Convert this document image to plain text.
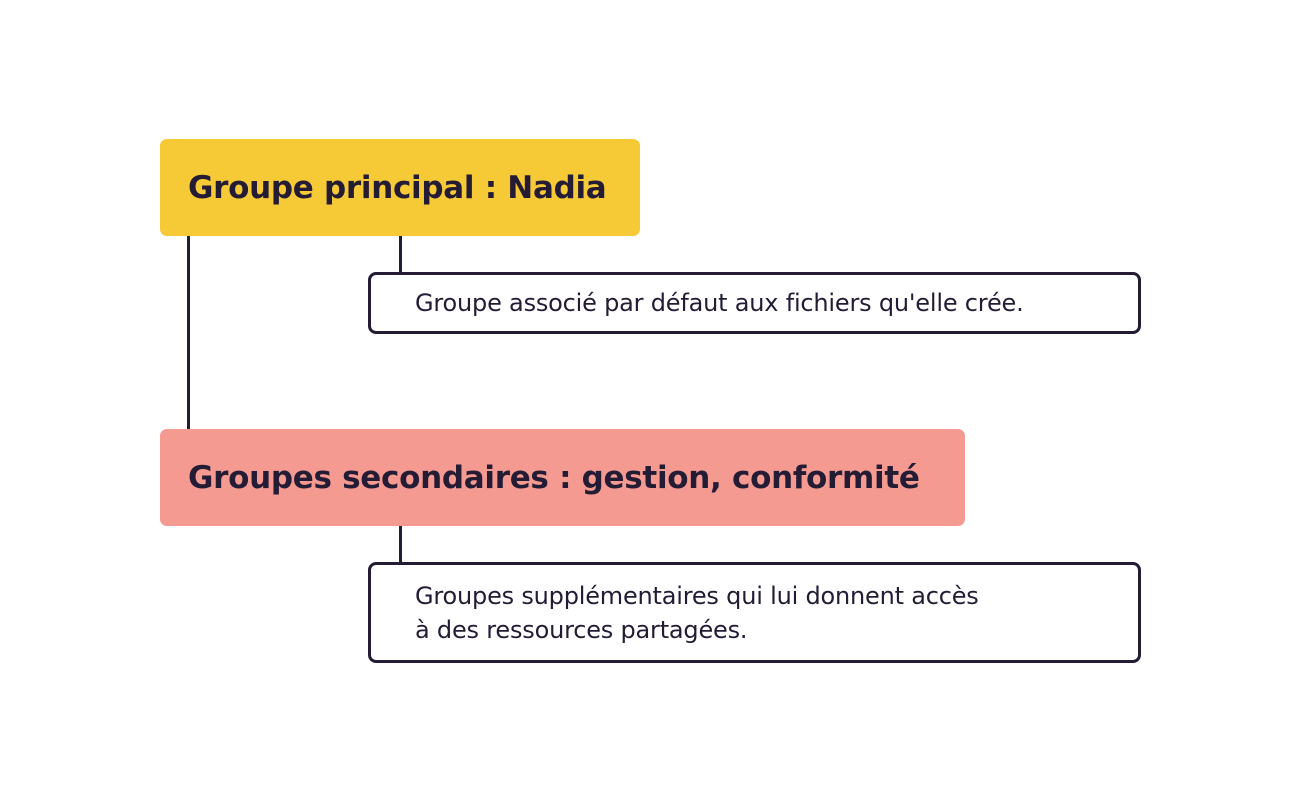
Groupe principal : Nadia
Groupe associé par défaut aux fichiers qu'elle crée.
Groupes secondaires : gestion, conformité
Groupes supplémentaires qui lui donnent accès
à des ressources partagées.
